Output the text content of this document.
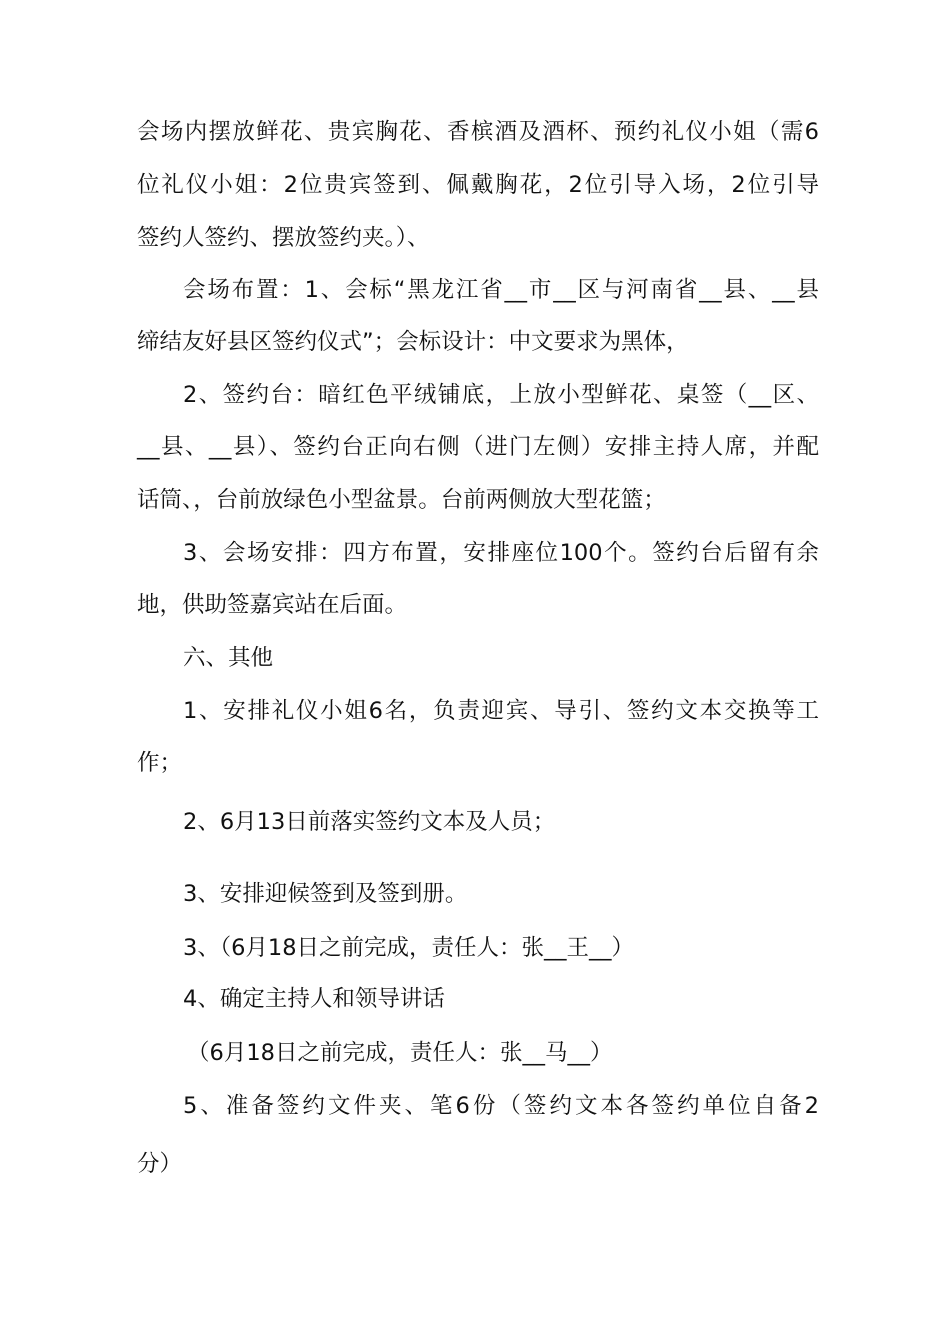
会场内摆放鲜花、贵宾胸花、香槟酒及酒杯、预约礼仪小姐（需6
位礼仪小姐：2位贵宾签到、佩戴胸花，2位引导入场，2位引导
签约人签约、摆放签约夹。）、
会场布置：1、会标“黑龙江省__市__区与河南省__县、__县
缔结友好县区签约仪式”；会标设计：中文要求为黑体，
2、签约台：暗红色平绒铺底，上放小型鲜花、桌签（__区、
__县、__县）、签约台正向右侧（进门左侧）安排主持人席，并配
话筒、，台前放绿色小型盆景。台前两侧放大型花篮；
3、会场安排：四方布置，安排座位100个。签约台后留有余
地，供助签嘉宾站在后面。
六、其他
1、安排礼仪小姐6名，负责迎宾、导引、签约文本交换等工
作；
2、6月13日前落实签约文本及人员；
3、安排迎候签到及签到册。
3、（6月18日之前完成，责任人：张__王__）
4、确定主持人和领导讲话
（6月18日之前完成，责任人：张__马__）
5、准备签约文件夹、笔6份（签约文本各签约单位自备2
分）
